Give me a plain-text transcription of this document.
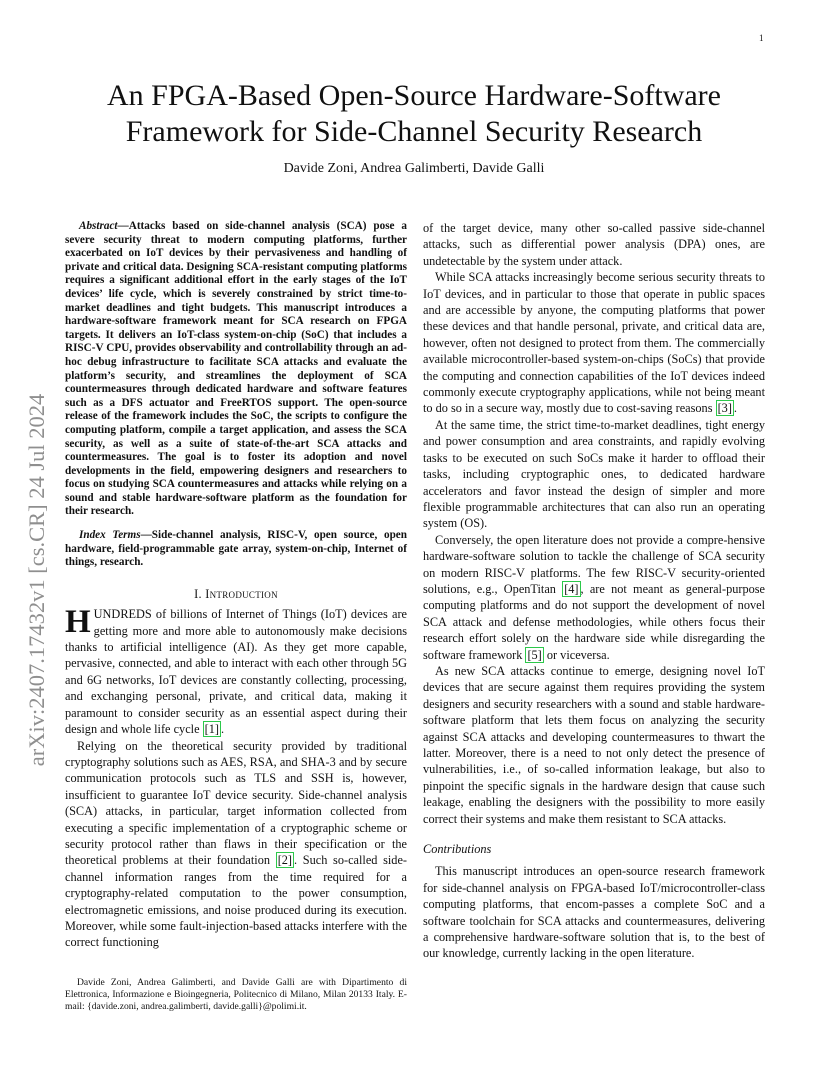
1
arXiv:2407.17432v1 [cs.CR] 24 Jul 2024
An FPGA-Based Open-Source Hardware-Software
Framework for Side-Channel Security Research
Davide Zoni, Andrea Galimberti, Davide Galli

Abstract—Attacks based on side-channel analysis (SCA) pose a severe security threat to modern computing platforms, further exacerbated on IoT devices by their pervasiveness and handling of private and critical data. Designing SCA-resistant computing platforms requires a significant additional effort in the early stages of the IoT devices’ life cycle, which is severely constrained by strict time-to-market deadlines and tight budgets. This manuscript introduces a hardware-software framework meant for SCA research on FPGA targets. It delivers an IoT-class system-on-chip (SoC) that includes a RISC-V CPU, provides observability and controllability through an ad-hoc debug infrastructure to facilitate SCA attacks and evaluate the platform’s security, and streamlines the deployment of SCA countermeasures through dedicated hardware and software features such as a DFS actuator and FreeRTOS support. The open-source release of the framework includes the SoC, the scripts to configure the computing platform, compile a target application, and assess the SCA security, as well as a suite of state-of-the-art SCA attacks and countermeasures. The goal is to foster its adoption and novel developments in the field, empowering designers and researchers to focus on studying SCA countermeasures and attacks while relying on a sound and stable hardware-software platform as the foundation for their research.

Index Terms—Side-channel analysis, RISC-V, open source, open hardware, field-programmable gate array, system-on-chip, Internet of things, research.

I. Introduction

HUNDREDS of billions of Internet of Things (IoT) devices are getting more and more able to autonomously make decisions thanks to artificial intelligence (AI). As they get more capable, pervasive, connected, and able to interact with each other through 5G and 6G networks, IoT devices are constantly collecting, processing, and exchanging personal, private, and critical data, making it paramount to consider security as an essential aspect during their design and whole life cycle [1] .

Relying on the theoretical security provided by traditional cryptography solutions such as AES, RSA, and SHA-3 and by secure communication protocols such as TLS and SSH is, however, insufficient to guarantee IoT device security. Side-channel analysis (SCA) attacks, in particular, target information collected from executing a specific implementation of a cryptographic scheme or security protocol rather than flaws in their specification or the theoretical problems at their foundation [2] . Such so-called side-channel information ranges from the time required for a cryptography-related computation to the power consumption, electromagnetic emissions, and noise produced during its execution. Moreover, while some fault-injection-based attacks interfere with the correct functioning

of the target device, many other so-called passive side-channel attacks, such as differential power analysis (DPA) ones, are undetectable by the system under attack.

While SCA attacks increasingly become serious security threats to IoT devices, and in particular to those that operate in public spaces and are accessible by anyone, the computing platforms that power these devices and that handle personal, private, and critical data are, however, often not designed to protect from them. The commercially available microcontroller-based system-on-chips (SoCs) that provide the computing and connection capabilities of the IoT devices indeed commonly execute cryptography applications, while not being meant to do so in a secure way, mostly due to cost-saving reasons [3] .

At the same time, the strict time-to-market deadlines, tight energy and power consumption and area constraints, and rapidly evolving tasks to be executed on such SoCs make it harder to offload their tasks, including cryptographic ones, to dedicated hardware accelerators and favor instead the design of simpler and more flexible programmable architectures that can also run an operating system (OS).

Conversely, the open literature does not provide a compre-hensive hardware-software solution to tackle the challenge of SCA security on modern RISC-V platforms. The few RISC-V security-oriented solutions, e.g., OpenTitan [4] , are not meant as general-purpose computing platforms and do not support the development of novel SCA attack and defense methodologies, while others focus their research effort solely on the hardware side while disregarding the software framework [5] or viceversa.

As new SCA attacks continue to emerge, designing novel IoT devices that are secure against them requires providing the system designers and security researchers with a sound and stable hardware-software platform that lets them focus on analyzing the security against SCA attacks and developing countermeasures to thwart the latter. Moreover, there is a need to not only detect the presence of vulnerabilities, i.e., of so-called information leakage, but also to pinpoint the specific signals in the hardware design that cause such leakage, enabling the designers with the possibility to more easily correct their systems and make them resistant to SCA attacks.

Contributions

This manuscript introduces an open-source research framework for side-channel analysis on FPGA-based IoT/microcontroller-class computing platforms, that encom-passes a complete SoC and a software toolchain for SCA attacks and countermeasures, delivering a comprehensive hardware-software solution that is, to the best of our knowledge, currently lacking in the open literature.

Davide Zoni, Andrea Galimberti, and Davide Galli are with Dipartimento di Elettronica, Informazione e Bioingegneria, Politecnico di Milano, Milan 20133 Italy. E-mail: {davide.zoni, andrea.galimberti, davide.galli}@polimi.it.
